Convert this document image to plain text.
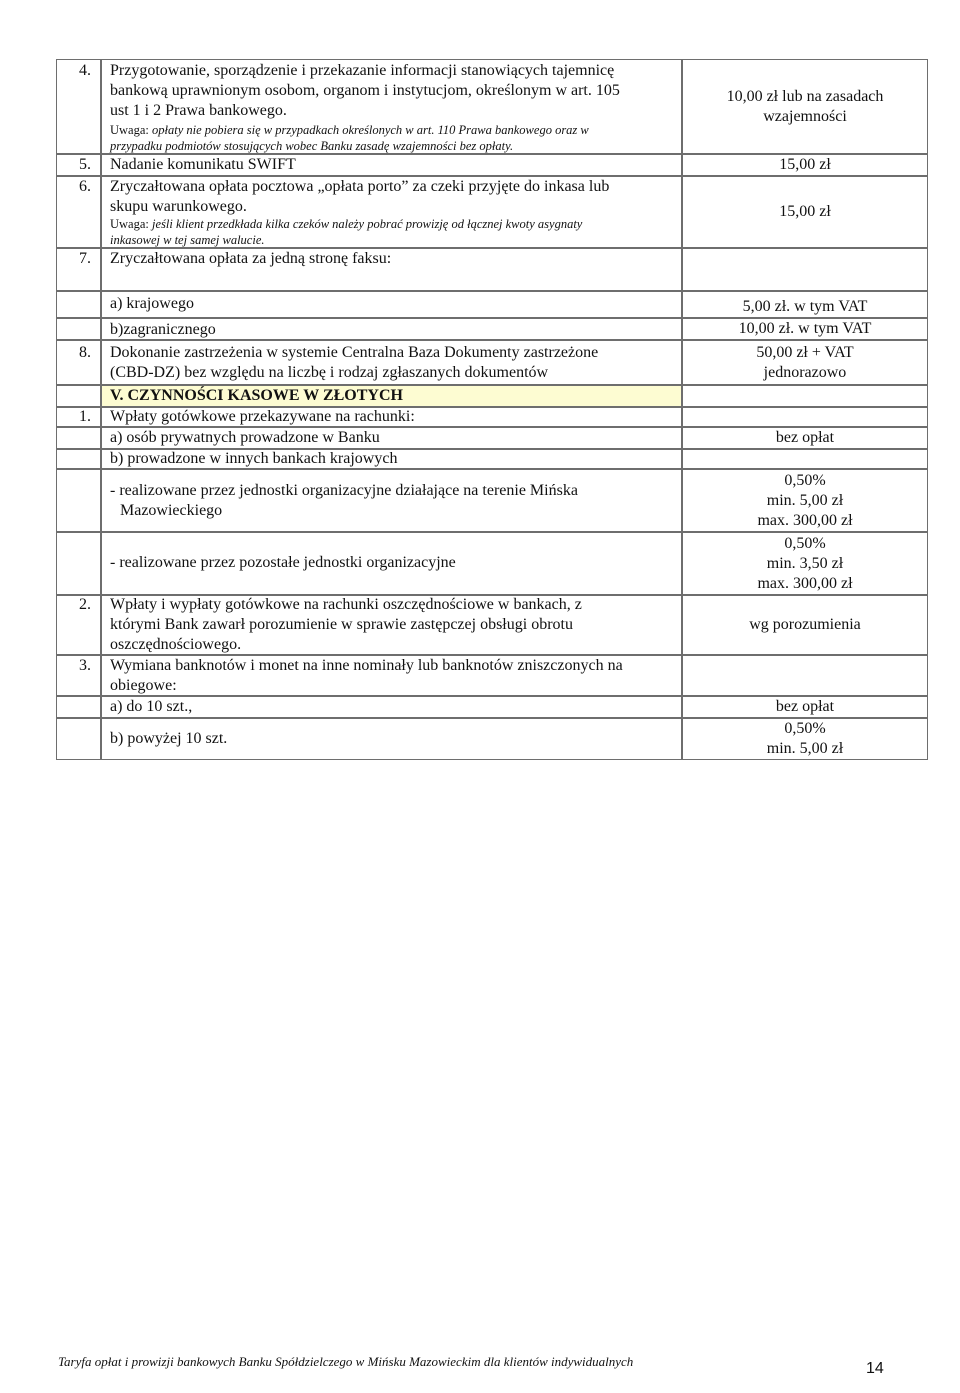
10,00 zł lub na zasadach
wzajemności
4. Przygotowanie, sporządzenie i przekazanie informacji stanowiących tajemnicę
bankową uprawnionym osobom, organom i instytucjom, określonym w art. 105
ust 1 i 2 Prawa bankowego.
Uwaga: opłaty nie pobiera się w przypadkach określonych w art. 110 Prawa bankowego oraz w
przypadku podmiotów stosujących wobec Banku zasadę wzajemności bez opłaty.
15,00 zł
5. Nadanie komunikatu SWIFT
15,00 zł
6. Zryczałtowana opłata pocztowa „opłata porto” za czeki przyjęte do inkasa lub
skupu warunkowego.
Uwaga: jeśli klient przedkłada kilka czeków należy pobrać prowizję od łącznej kwoty asygnaty
inkasowej w tej samej walucie.
7. Zryczałtowana opłata za jedną stronę faksu:
5,00 zł. w tym VAT
a) krajowego
10,00 zł. w tym VAT
b)zagranicznego
50,00 zł + VAT
jednorazowo
8. Dokonanie zastrzeżenia w systemie Centralna Baza Dokumenty zastrzeżone
(CBD-DZ) bez względu na liczbę i rodzaj zgłaszanych dokumentów
V. CZYNNOŚCI KASOWE W ZŁOTYCH
1. Wpłaty gotówkowe przekazywane na rachunki:
bez opłat
a) osób prywatnych prowadzone w Banku
b) prowadzone w innych bankach krajowych
0,50%
min. 5,00 zł
max. 300,00 zł
- realizowane przez jednostki organizacyjne działające na terenie Mińska
Mazowieckiego
0,50%
min. 3,50 zł
max. 300,00 zł
- realizowane przez pozostałe jednostki organizacyjne
wg porozumienia
2. Wpłaty i wypłaty gotówkowe na rachunki oszczędnościowe w bankach, z
którymi Bank zawarł porozumienie w sprawie zastępczej obsługi obrotu
oszczędnościowego.
3. Wymiana banknotów i monet na inne nominały lub banknotów zniszczonych na
obiegowe:
bez opłat
a) do 10 szt.,
0,50%
min. 5,00 zł
b) powyżej 10 szt.
Taryfa opłat i prowizji bankowych Banku Spółdzielczego w Mińsku Mazowieckim dla klientów indywidualnych	14
